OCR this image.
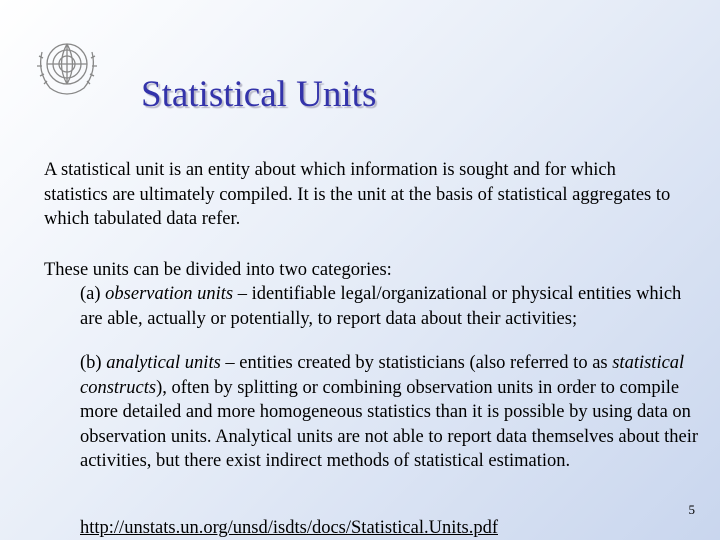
Statistical Units

A statistical unit is an entity about which information is sought and for which statistics are ultimately compiled. It is the unit at the basis of statistical aggregates to which tabulated data refer.

These units can be divided into two categories:

(a) observation units – identifiable legal/organizational or physical entities which are able, actually or potentially, to report data about their activities;

(b) analytical units – entities created by statisticians (also referred to as statistical constructs), often by splitting or combining observation units in order to compile more detailed and more homogeneous statistics than it is possible by using data on observation units. Analytical units are not able to report data themselves about their activities, but there exist indirect methods of statistical estimation.

5
http://unstats.un.org/unsd/isdts/docs/Statistical.Units.pdf
